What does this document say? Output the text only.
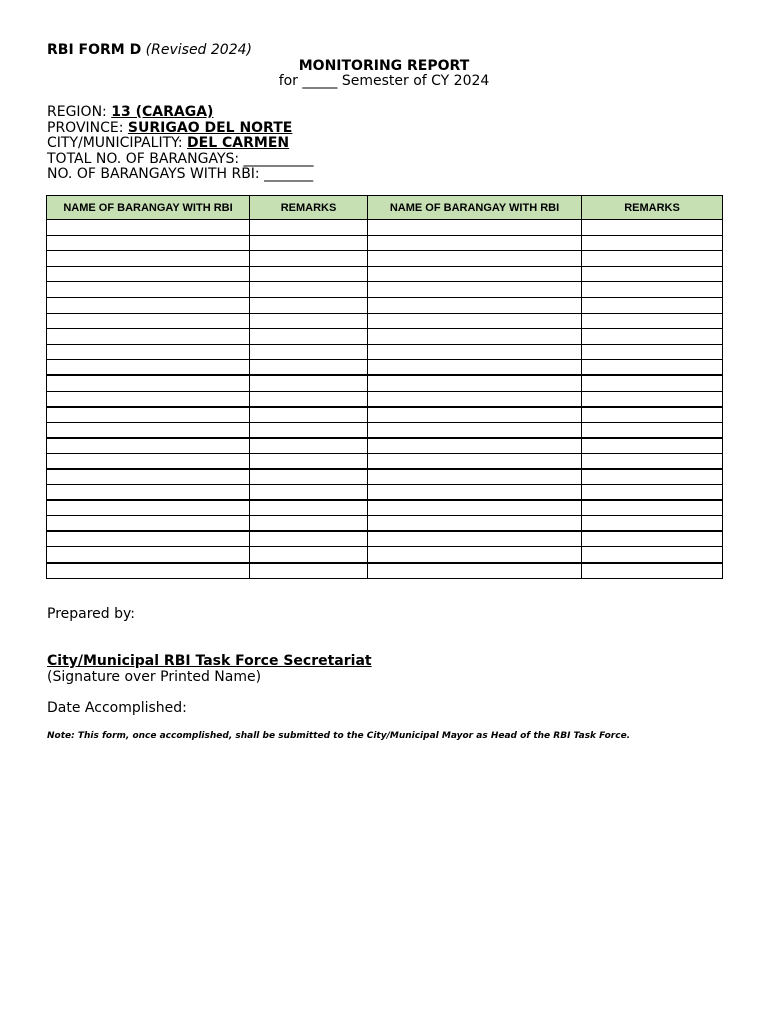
RBI FORM D (Revised 2024)
MONITORING REPORT
for _____ Semester of CY 2024
REGION: 13 (CARAGA)
PROVINCE: SURIGAO DEL NORTE
CITY/MUNICIPALITY: DEL CARMEN
TOTAL NO. OF BARANGAYS: __________
NO. OF BARANGAYS WITH RBI: _______
NAME OF BARANGAY WITH RBI	REMARKS	NAME OF BARANGAY WITH RBI	REMARKS

Prepared by:
City/Municipal RBI Task Force Secretariat
(Signature over Printed Name)
Date Accomplished:
Note: This form, once accomplished, shall be submitted to the City/Municipal Mayor as Head of the RBI Task Force.
